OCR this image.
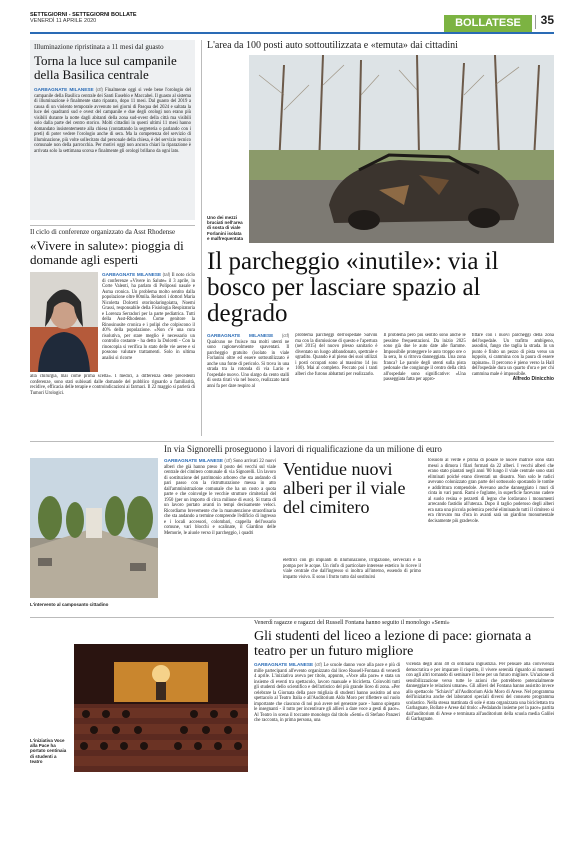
SETTEGIORNI - SETTEGIORNI BOLLATE
VENERDÌ 11 APRILE 2020	BOLLATESE	35
Illuminazione ripristinata a 11 mesi dal guasto
Torna la luce sul campanile della Basilica centrale
GARBAGNATE MILANESE (ctf) Finalmente oggi si vede bene l'orologio del campanile della Basilica centrale dei Santi Eusebio e Maccabei. Il guasto al sistema di illuminazione è finalmente stato riparato, dopo 11 mesi. Dal guasto del 2019 a causa di un violento temporale avvenuto nei giorni di Pasqua del 2024 e saltata la luce dei quadranti sud e ovest del campanile e due degli orologi non erano più visibili durante la notte dagli abitanti della zona sud-ovest della città ma visibili solo dalla parte del centro storico. Molti cittadini in questi ultimi 11 mesi hanno domandato insistentemente alla chiesa (contattando la segreteria o parlando con i preti) di poter vedere l'orologio anche di sera. Ma la competenza del servizio di illuminazione, più volte sollecitato dal personale della chiesa, è del servizio tecnico comunale non della parrocchia. Per motivi oggi non ancora chiari la riparazione è arrivata solo la settimana scorsa e finalmente gli orologi brillano da ogni lato.
Il ciclo di conferenze organizzato da Asst Rhodense
«Vivere in salute»: pioggia di domande agli esperti
GARBAGNATE MILANESE (taf) Il noto ciclo di conferenze «Vivere in Salute» il 3 aprile, in Corte Valenti, ha parlato di Polipossi nasale e Asma cronica. Un problema molto sentito dalla popolazione oltre 80mila. Relatori i dottori Maria Nicoletta Dolcetti otorinolaringoiatra, Noemi Grassi, responsabile della Fisiologia Respiratoria e Lorenza Serradori per la parte pediatrica. Tutti della Asst-Rhodense. Come genitore la Rinosinusite cronica e i polipi che colpiscono il 40% della popolazione. «Non c'è una cura risolutiva, per stare meglio è necessario un controllo costante - ha detto la Dolcetti - Con la rinoscopia si verifica lo stato delle vie aeree e si possono valutare trattamenti. Solo in ultima analisi si ricorre
alla chirurgia, mai come prima scelta». I medici, a differenza delle precedenti conferenze, sono stati subissati dalle domande del pubblico riguardo a familiarità, recidive, efficacia delle terapie e controindicazioni ai farmaci. Il 22 maggio si parlerà di Tumori Urologici.
L'area da 100 posti auto sottoutilizzata e «temuta» dai cittadini
Uno dei mezzi bruciati nell'area di sosta di viale Forlanini isolata e malfrequentata
Il parcheggio «inutile»: via il bosco per lasciare spazio al degrado
GARBAGNATE MILANESE (ctf) Qualcuno ne fruisce ma molti utenti ne sono ragionevolmente spaventati. Il parcheggio gratuito (isolato in viale Forlanini oltre ed essere sottoutilizzato è anche una fonte di pericolo. Si trova in una strada tra la rotonda di via Lario e l'ospedale nuovo. Uno slargo da cento stalli di sosta tirati via nel bosco, realizzato tanti anni fa per dare respiro al
problema parcheggi dell'ospedale Salvini ma con la dismissione di questo e l'apertura (nel 2015) del nuovo plesso sanitario è diventato un luogo abbandonato, spettrale e sgradito. Quando è al pieno dei suoi utilizzi i posti occupati sono al massimo 14 (su 100). Mai al completo. Peccato poi i tanti alberi che furono abbattuti per realizzarlo.
Il problema però più sentito sono anche le pessime frequentazioni. Da inizio 2025 sono già due le auto date alle fiamme. Impossibile proteggere le auto troppo ore o la sera, lo si ritrova danneggiata. Una zona franca? Le parole degli utenti sulla pista pedonale che congiunge il centro della città all'ospedale sono significative: «Una passeggiata fatta per appro-
fittare con i nuovi parcheggi della zona dell'ospedale. Un trafitto ambigeno, assodini, fango che taglia la strada. In un punto è finito un pezzo di pista verso un luppolo, si cammina con la paura di essere rapinato». Il percorso è pieno verso la Hall dell'ospedale dura un quarto d'ora e per chi cammina male è impossibile.
Alfredo Dinicchio
In via Signorelli proseguono i lavori di riqualificazione da un milione di euro
L'intervento al camposanto cittadino
GARBAGNATE MILANESE (ctf) Sono arrivati 22 nuovi alberi che già hanno preso il posto dei vecchi sul viale centrale del cimitero comunale di via Signorelli. Un lavoro di sostituzione del patrimonio arboreo che sta andando di pari passo con la ristrutturazione messa in atto dall'amministrazione comunale che ha un costo a quota parte e che coinvolge le vecchie strutture cimiteriali del 1950 (per un importo di circa milione di euro). Si tratta di un lavoro portato avanti in tempi decisamente veloci. Ricordiamo brevemente che la manutenzione straordinaria che sta andando a termine comprende l'edificio di ingresso e i locali accessori, colombari, cappella dell'ossario comune, vari blocchi e scalinate, il Giardino delle Memorie, le aiuole verso il parcheggio, i quadri
Ventidue nuovi alberi per il viale del cimitero
elettrici con gli impianti di illuminazione, irrigazione, serveciali e la pompa per le acque. Un rinfo di particolare interesse estetico lo riceve il viale centrale che dall'ingresso si inoltra all'interno, essendo di primo impatto visivo. E sono i frutto tutto dal sostituirsi
toisuolo al verde e prima di posare le nuove matrice sono stati messi a dimora i filari formati da 22 alberi. I vecchi alberi che erano stato piantati negli anni '80 lungo il viale centrale sono stati eliminati poiché erano diventati un disastro. Non solo le radici avevano colonizzato gran parte del sottosuolo spostando le tombe e addirittura rompendole. Avevano anche danneggiato i muri di cinta in vari punti. Rami e foglame, in superficie facevano cadere al suolo resina e pezzetti di legno che lordavano i monumenti arrecando fastidio all'utenza. Dopo il taglio poderoso degli alberi era nata una piccola polemica perché eliminando tutti il cimitero si era ritrovato ma d'ora in avanti sarà un giardino monumentale decisamente più gradevole.
Venerdì ragazze e ragazzi del Russell Fontana hanno seguito il monologo «Semi»
Gli studenti del liceo a lezione di pace: giornata a teatro per un futuro migliore
L'iniziativa Voce alla Pace ha portato centinaia di studenti a teatro
GARBAGNATE MILANESE (ctf) Le scuole danno voce alla pace e più di mille partecipanti all'evento organizzato dal liceo Russell-Fontana di venerdì 4 aprile. L'iniziativa aveva per titolo, appunto, «Voce alla pace» e stata un insieme di eventi tra spettacolo, lavoro manuale e bicicletta. Coinvolti tutti gli studenti dello scientifico e dell'artistico del più grande liceo di zona. «Per celebrare la Giornata della pace migliaia di studenti hanno assistito ad uno spettacolo al Teatro Italia e all'Auditorium Aldo Moro per riflettere sul ruolo importante che ciascuno di noi può avere nel generare pace - hanno spiegato le insegnanti - il tutto per incentivare gli allievi a dare voce a gesti di pace». Al Teatro in scena il toccante monologo dal titolo «Semi» di Stefano Panzeri che racconta, in prima persona, una
vicenda degli anni 40 di ordinaria ingiustizia. Per pensare alla convivenza democratica e per imparare il rispetto, il vivere serenità riguardo ai momenti con agli altri tornando di seminare il bene per un futuro migliore. Un'azione di sensibilizzazione verso tutte le azioni che potrebbero potenzialmente danneggiare le relazioni umane». Gli allievi del Fontana hanno assistito invece allo spettacolo "Schiavit" all'Auditorium Aldo Moro di Arese. Nel programma dell'iniziativa anche del laboratori speciali diversi del consueto programma scolastico. Nella stessa mattinata di sole è stata organizzata una biciclettata tra Garbagnate, Bollate e Arese dal titolo: «Pedalando insieme per la pace» partita dall'auditorium di Arese e terminata all'auditorium della scuola media Galilei di Garbagnate.
